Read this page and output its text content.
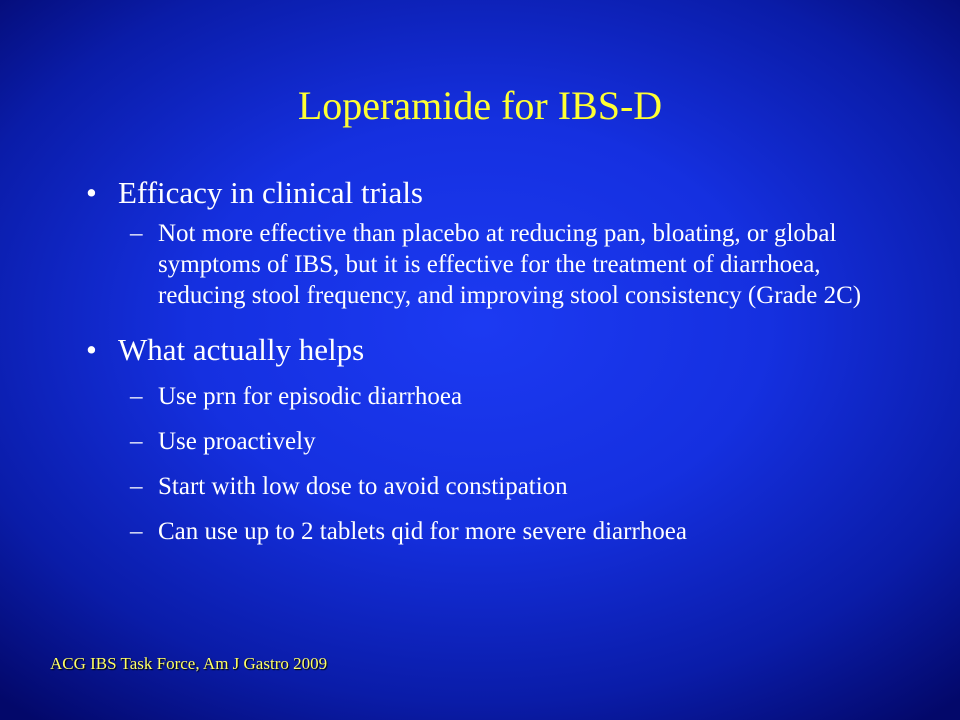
Loperamide for IBS-D
• Efficacy in clinical trials
– Not more effective than placebo at reducing pan, bloating, or global symptoms of IBS, but it is effective for the treatment of diarrhoea, reducing stool frequency, and improving stool consistency (Grade 2C)
• What actually helps
– Use prn for episodic diarrhoea
– Use proactively
– Start with low dose to avoid constipation
– Can use up to 2 tablets qid for more severe diarrhoea
ACG IBS Task Force, Am J Gastro 2009
